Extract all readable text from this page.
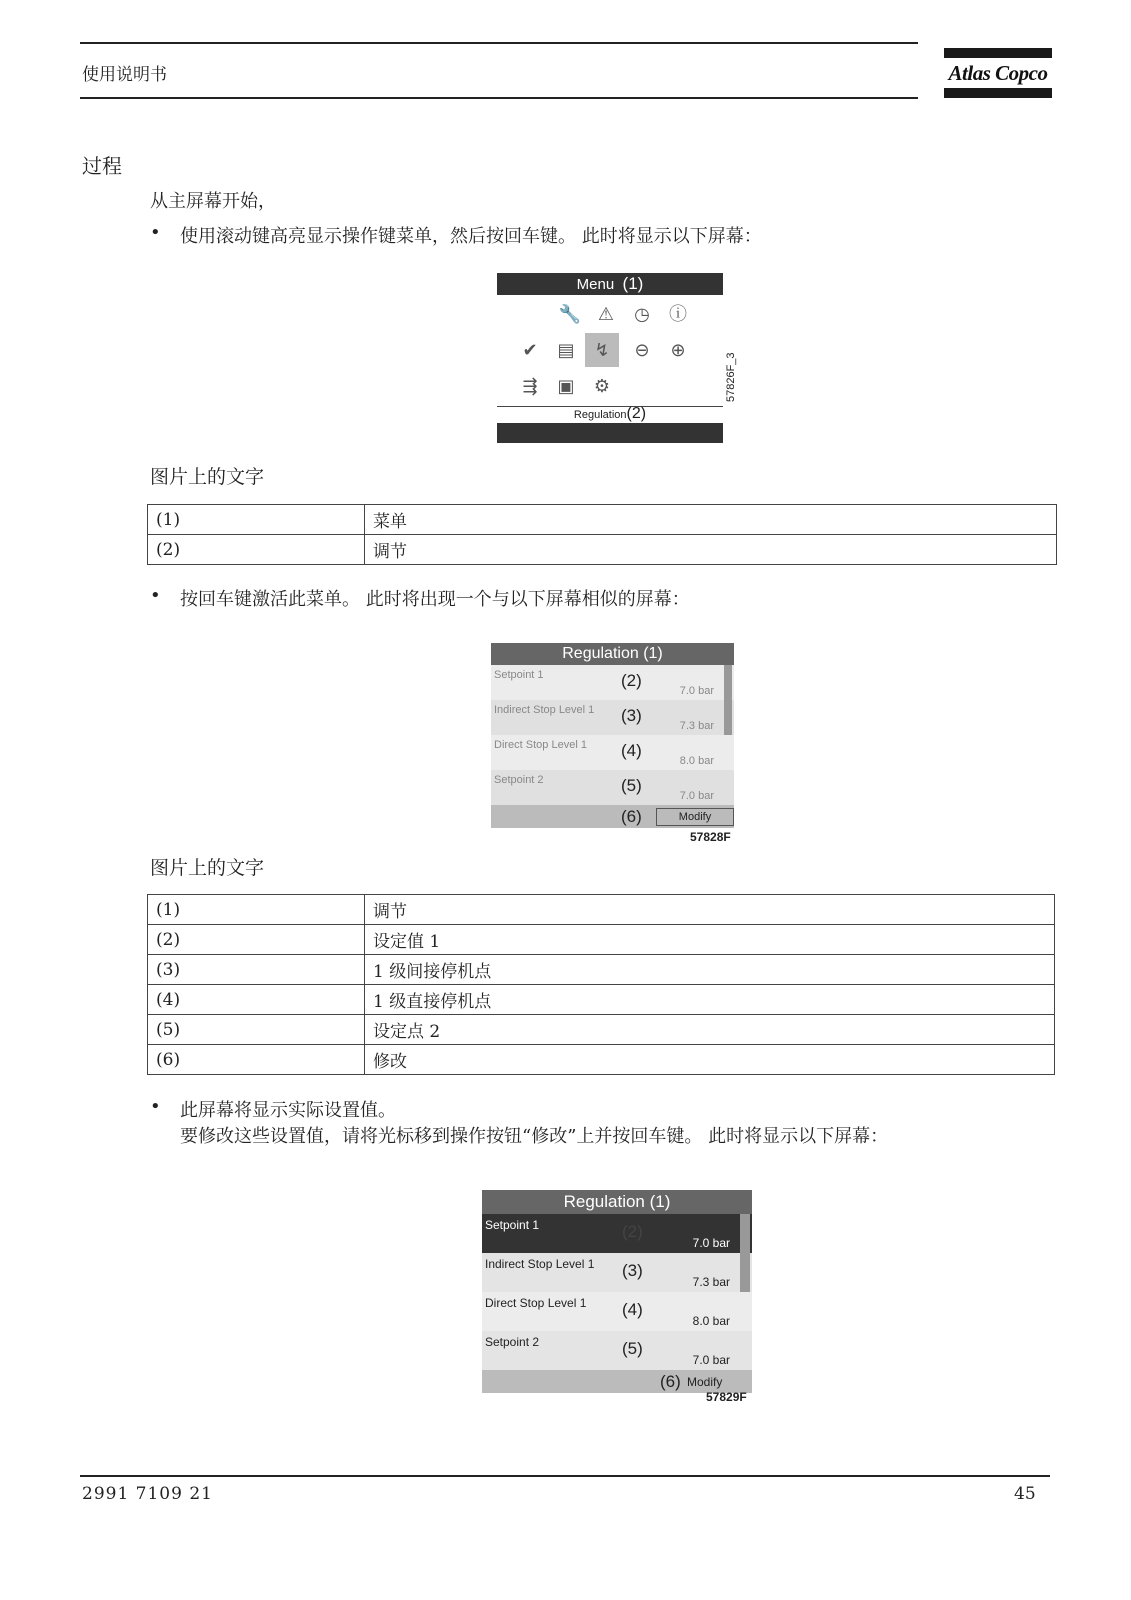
使用说明书	Atlas Copco
过程
从主屏幕开始，
• 使用滚动键高亮显示操作键菜单，然后按回车键。 此时将显示以下屏幕：
Menu (1)
🔧 ⚠ ◷ ⓘ
✔	▤	↯	⊖	⊕
⇶	▣ ⚙
Regulation(2)
57826F_3
图片上的文字
(1)	菜单
(2)	调节
• 按回车键激活此菜单。 此时将出现一个与以下屏幕相似的屏幕：
Regulation (1)
Setpoint 1	(2)
7.0 bar
Indirect Stop Level 1 (3)
7.3 bar
Direct Stop Level 1 (4)
8.0 bar
Setpoint 2	(5)
7.0 bar
(6)	Modify
57828F
图片上的文字
(1)	调节
(2)	设定值 1
(3)	1 级间接停机点
(4)	1 级直接停机点
(5)	设定点 2
(6)	修改
• 此屏幕将显示实际设置值。
要修改这些设置值，请将光标移到操作按钮“修改”上并按回车键。 此时将显示以下屏幕：
Regulation (1)
Setpoint 1	(2)
7.0 bar
Indirect Stop Level 1 (3)
7.3 bar
Direct Stop Level 1 (4)
8.0 bar
Setpoint 2	(5)
7.0 bar
(6) Modify
57829F
2991 7109 21	45
